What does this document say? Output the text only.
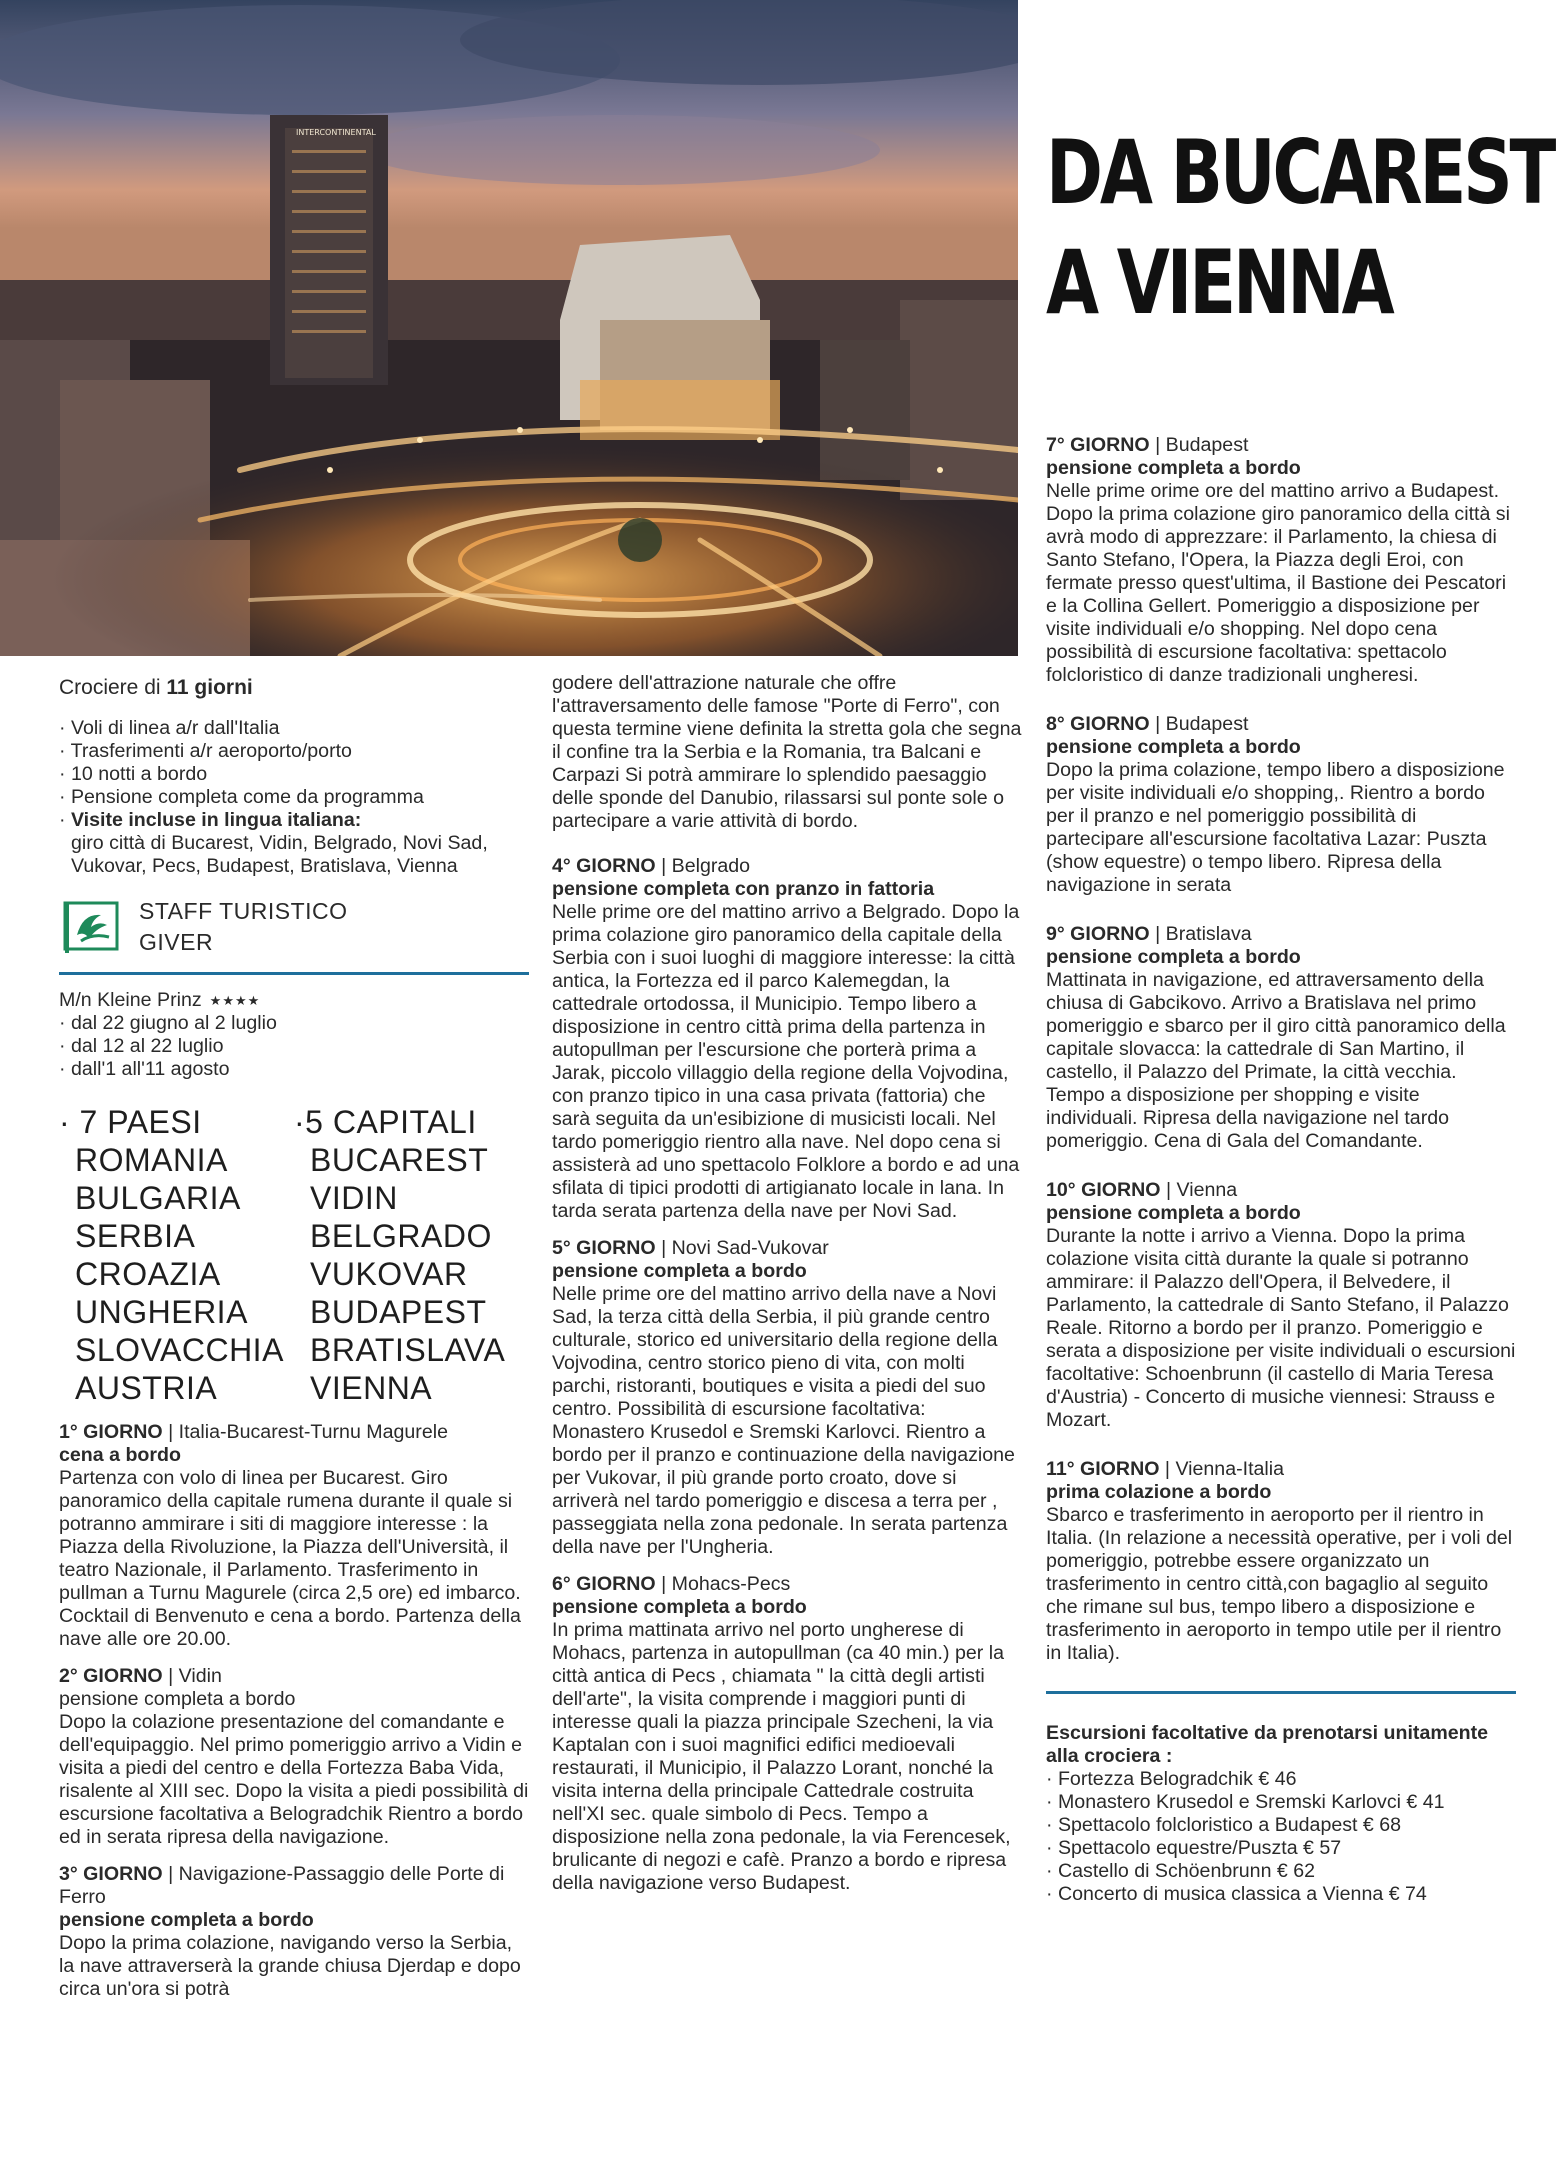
INTERCONTINENTAL	DA BUCAREST
A VIENNA
Crociere di 11 giorni
· Voli di linea a/r dall'Italia
· Trasferimenti a/r aeroporto/porto
· 10 notti a bordo
· Pensione completa come da programma
· Visite incluse in lingua italiana:
giro città di Bucarest, Vidin, Belgrado, Novi Sad, Vukovar, Pecs, Budapest, Bratislava, Vienna
STAFF TURISTICO
GIVER
M/n Kleine Prinz ★★★★
· dal 22 giugno al 2 luglio
· dal 12 al 22 luglio
· dall'1 all'11 agosto
· 7 PAESI
ROMANIA
BULGARIA
SERBIA
CROAZIA
UNGHERIA
SLOVACCHIA
AUSTRIA
·5 CAPITALI
BUCAREST
VIDIN
BELGRADO
VUKOVAR
BUDAPEST
BRATISLAVA
VIENNA
1° GIORNO | Italia-Bucarest-Turnu Magurele
cena a bordo
Partenza con volo di linea per Bucarest. Giro panoramico della capitale rumena durante il quale si potranno ammirare i siti di maggiore interesse : la Piazza della Rivoluzione, la Piazza dell'Università, il teatro Nazionale, il Parlamento. Trasferimento in pullman a Turnu Magurele (circa 2,5 ore) ed imbarco. Cocktail di Benvenuto e cena a bordo. Partenza della nave alle ore 20.00.
2° GIORNO | Vidin
pensione completa a bordo
Dopo la colazione presentazione del comandante e dell'equipaggio. Nel primo pomeriggio arrivo a Vidin e visita a piedi del centro e della Fortezza Baba Vida, risalente al XIII sec. Dopo la visita a piedi possibilità di escursione facoltativa a Belogradchik Rientro a bordo ed in serata ripresa della navigazione.
3° GIORNO | Navigazione-Passaggio delle Porte di Ferro
pensione completa a bordo
Dopo la prima colazione, navigando verso la Serbia, la nave attraverserà la grande chiusa Djerdap e dopo circa un'ora si potrà
godere dell'attrazione naturale che offre l'attraversamento delle famose "Porte di Ferro", con questa termine viene definita la stretta gola che segna il confine tra la Serbia e la Romania, tra Balcani e Carpazi Si potrà ammirare lo splendido paesaggio delle sponde del Danubio, rilassarsi sul ponte sole o partecipare a varie attività di bordo.
4° GIORNO | Belgrado
pensione completa con pranzo in fattoria
Nelle prime ore del mattino arrivo a Belgrado. Dopo la prima colazione giro panoramico della capitale della Serbia con i suoi luoghi di maggiore interesse: la città antica, la Fortezza ed il parco Kalemegdan, la cattedrale ortodossa, il Municipio. Tempo libero a disposizione in centro città prima della partenza in autopullman per l'escursione che porterà prima a Jarak, piccolo villaggio della regione della Vojvodina, con pranzo tipico in una casa privata (fattoria) che sarà seguita da un'esibizione di musicisti locali. Nel tardo pomeriggio rientro alla nave. Nel dopo cena si assisterà ad uno spettacolo Folklore a bordo e ad una sfilata di tipici prodotti di artigianato locale in lana. In tarda serata partenza della nave per Novi Sad.
5° GIORNO | Novi Sad-Vukovar
pensione completa a bordo
Nelle prime ore del mattino arrivo della nave a Novi Sad, la terza città della Serbia, il più grande centro culturale, storico ed universitario della regione della Vojvodina, centro storico pieno di vita, con molti parchi, ristoranti, boutiques e visita a piedi del suo centro. Possibilità di escursione facoltativa: Monastero Krusedol e Sremski Karlovci. Rientro a bordo per il pranzo e continuazione della navigazione per Vukovar, il più grande porto croato, dove si arriverà nel tardo pomeriggio e discesa a terra per , passeggiata nella zona pedonale. In serata partenza della nave per l'Ungheria.
6° GIORNO | Mohacs-Pecs
pensione completa a bordo
In prima mattinata arrivo nel porto ungherese di Mohacs, partenza in autopullman (ca 40 min.) per la città antica di Pecs , chiamata " la città degli artisti dell'arte", la visita comprende i maggiori punti di interesse quali la piazza principale Szecheni, la via Kaptalan con i suoi magnifici edifici medioevali restaurati, il Municipio, il Palazzo Lorant, nonché la visita interna della principale Cattedrale costruita nell'XI sec. quale simbolo di Pecs. Tempo a disposizione nella zona pedonale, la via Ferencesek, brulicante di negozi e cafè. Pranzo a bordo e ripresa della navigazione verso Budapest.
7° GIORNO | Budapest
pensione completa a bordo
Nelle prime orime ore del mattino arrivo a Budapest. Dopo la prima colazione giro panoramico della città si avrà modo di apprezzare: il Parlamento, la chiesa di Santo Stefano, l'Opera, la Piazza degli Eroi, con fermate presso quest'ultima, il Bastione dei Pescatori e la Collina Gellert. Pomeriggio a disposizione per visite individuali e/o shopping. Nel dopo cena possibilità di escursione facoltativa: spettacolo folcloristico di danze tradizionali ungheresi.
8° GIORNO | Budapest
pensione completa a bordo
Dopo la prima colazione, tempo libero a disposizione per visite individuali e/o shopping,. Rientro a bordo per il pranzo e nel pomeriggio possibilità di partecipare all'escursione facoltativa Lazar: Puszta (show equestre) o tempo libero. Ripresa della navigazione in serata
9° GIORNO | Bratislava
pensione completa a bordo
Mattinata in navigazione, ed attraversamento della chiusa di Gabcikovo. Arrivo a Bratislava nel primo pomeriggio e sbarco per il giro città panoramico della capitale slovacca: la cattedrale di San Martino, il castello, il Palazzo del Primate, la città vecchia. Tempo a disposizione per shopping e visite individuali. Ripresa della navigazione nel tardo pomeriggio. Cena di Gala del Comandante.
10° GIORNO | Vienna
pensione completa a bordo
Durante la notte i arrivo a Vienna. Dopo la prima colazione visita città durante la quale si potranno ammirare: il Palazzo dell'Opera, il Belvedere, il Parlamento, la cattedrale di Santo Stefano, il Palazzo Reale. Ritorno a bordo per il pranzo. Pomeriggio e serata a disposizione per visite individuali o escursioni facoltative: Schoenbrunn (il castello di Maria Teresa d'Austria) - Concerto di musiche viennesi: Strauss e Mozart.
11° GIORNO | Vienna-Italia
prima colazione a bordo
Sbarco e trasferimento in aeroporto per il rientro in Italia. (In relazione a necessità operative, per i voli del pomeriggio, potrebbe essere organizzato un trasferimento in centro città,con bagaglio al seguito che rimane sul bus, tempo libero a disposizione e trasferimento in aeroporto in tempo utile per il rientro in Italia).
Escursioni facoltative da prenotarsi unitamente alla crociera :
· Fortezza Belogradchik € 46
· Monastero Krusedol e Sremski Karlovci € 41
· Spettacolo folcloristico a Budapest € 68
· Spettacolo equestre/Puszta € 57
· Castello di Schöenbrunn € 62
· Concerto di musica classica a Vienna € 74
